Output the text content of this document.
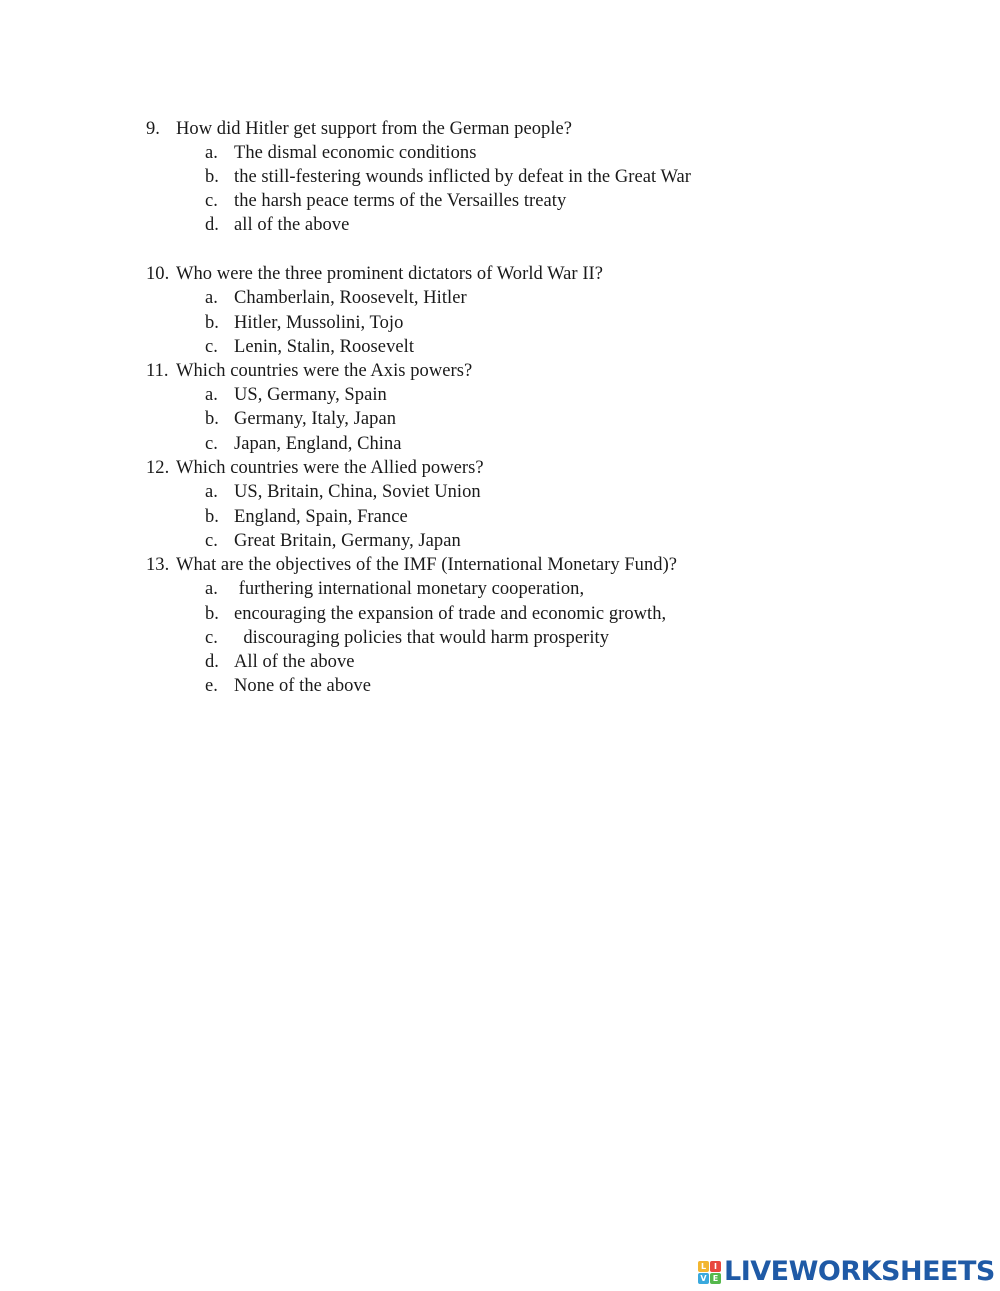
9. How did Hitler get support from the German people?
a. The dismal economic conditions
b. the still-festering wounds inflicted by defeat in the Great War
c. the harsh peace terms of the Versailles treaty
d. all of the above
10. Who were the three prominent dictators of World War II?
a. Chamberlain, Roosevelt, Hitler
b. Hitler, Mussolini, Tojo
c. Lenin, Stalin, Roosevelt
11. Which countries were the Axis powers?
a. US, Germany, Spain
b. Germany, Italy, Japan
c. Japan, England, China
12. Which countries were the Allied powers?
a. US, Britain, China, Soviet Union
b. England, Spain, France
c. Great Britain, Germany, Japan
13. What are the objectives of the IMF (International Monetary Fund)?
a. furthering international monetary cooperation,
b. encouraging the expansion of trade and economic growth,
c. discouraging policies that would harm prosperity
d. All of the above
e. None of the above
L I
V E LIVEWORKSHEETS
